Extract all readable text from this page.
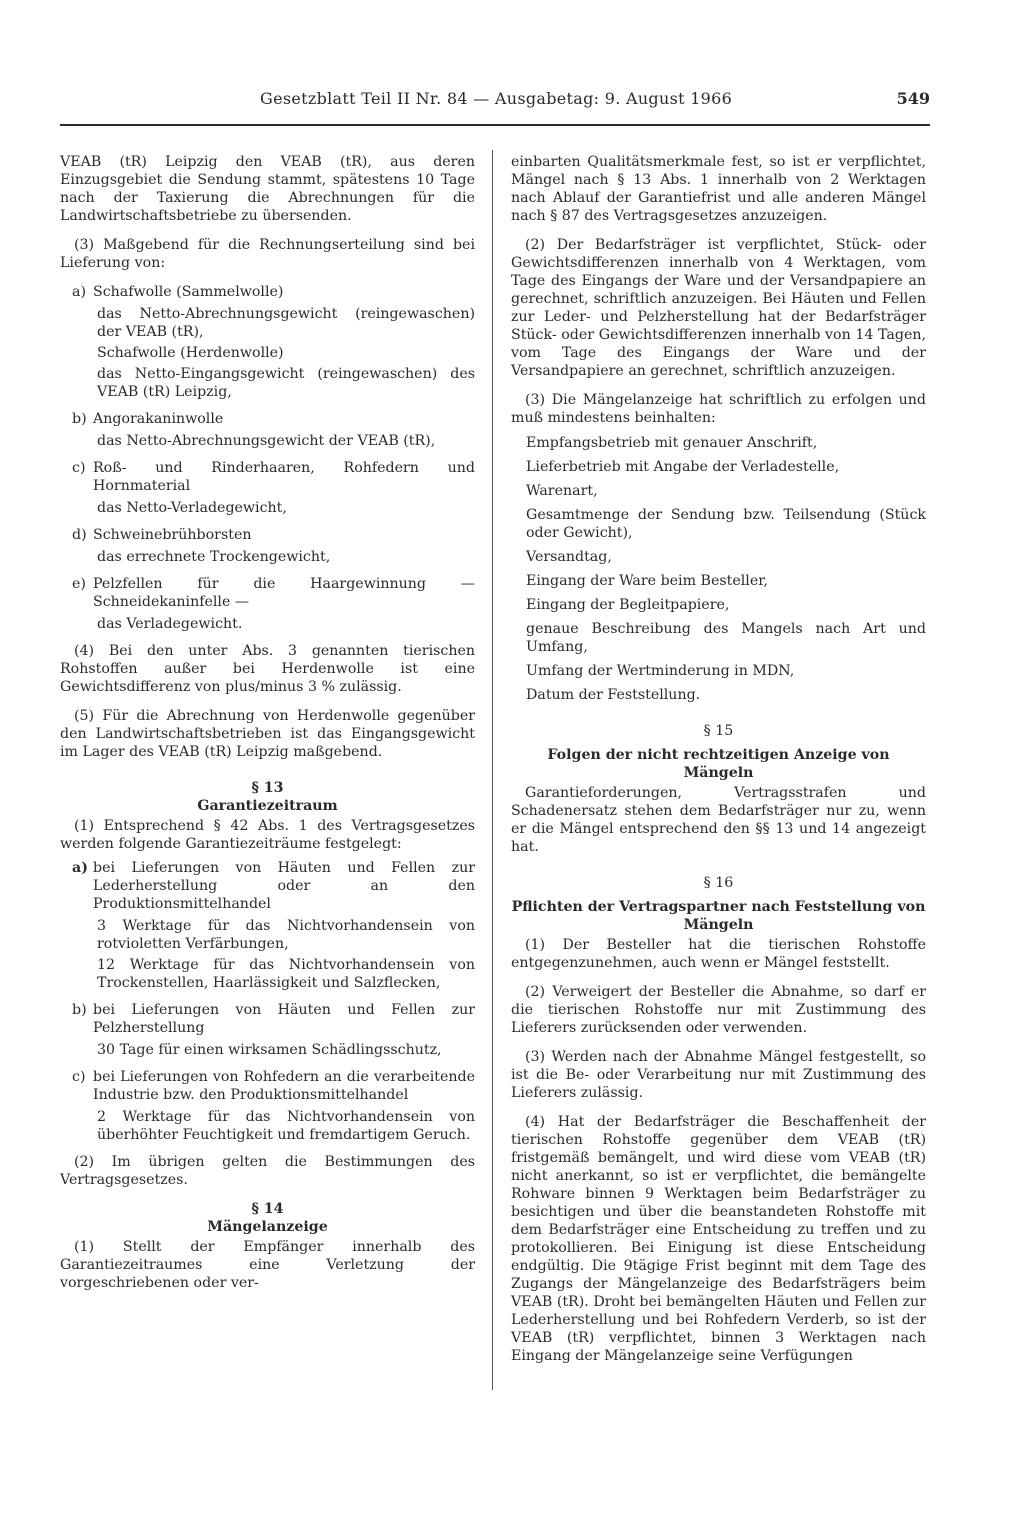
Gesetzblatt Teil II Nr. 84 — Ausgabetag: 9. August 1966	549

VEAB (tR) Leipzig den VEAB (tR), aus deren Einzugsgebiet die Sendung stammt, spätestens 10 Tage nach der Taxierung die Abrechnungen für die Landwirtschaftsbetriebe zu übersenden.

(3) Maßgebend für die Rechnungserteilung sind bei Lieferung von:

a) Schafwolle (Sammelwolle)

das Netto-Abrechnungsgewicht (reingewaschen) der VEAB (tR),

Schafwolle (Herdenwolle)

das Netto-Eingangsgewicht (reingewaschen) des VEAB (tR) Leipzig,

b) Angorakaninwolle

das Netto-Abrechnungsgewicht der VEAB (tR),

c) Roß- und Rinderhaaren, Rohfedern und Hornmaterial

das Netto-Verladegewicht,

d) Schweinebrühborsten

das errechnete Trockengewicht,

e) Pelzfellen für die Haargewinnung — Schneidekaninfelle —

das Verladegewicht.

(4) Bei den unter Abs. 3 genannten tierischen Rohstoffen außer bei Herdenwolle ist eine Gewichtsdifferenz von plus/minus 3 % zulässig.

(5) Für die Abrechnung von Herdenwolle gegenüber den Landwirtschaftsbetrieben ist das Eingangsgewicht im Lager des VEAB (tR) Leipzig maßgebend.

§ 13

Garantiezeitraum

(1) Entsprechend § 42 Abs. 1 des Vertragsgesetzes werden folgende Garantiezeiträume festgelegt:

a) bei Lieferungen von Häuten und Fellen zur Lederherstellung oder an den Produktionsmittelhandel

3 Werktage für das Nichtvorhandensein von rotvioletten Verfärbungen,

12 Werktage für das Nichtvorhandensein von Trockenstellen, Haarlässigkeit und Salzflecken,

b) bei Lieferungen von Häuten und Fellen zur Pelzherstellung

30 Tage für einen wirksamen Schädlingsschutz,

c) bei Lieferungen von Rohfedern an die verarbeitende Industrie bzw. den Produktionsmittelhandel

2 Werktage für das Nichtvorhandensein von überhöhter Feuchtigkeit und fremdartigem Geruch.

(2) Im übrigen gelten die Bestimmungen des Vertragsgesetzes.

§ 14

Mängelanzeige

(1) Stellt der Empfänger innerhalb des Garantiezeitraumes eine Verletzung der vorgeschriebenen oder ver-

einbarten Qualitätsmerkmale fest, so ist er verpflichtet, Mängel nach § 13 Abs. 1 innerhalb von 2 Werktagen nach Ablauf der Garantiefrist und alle anderen Mängel nach § 87 des Vertragsgesetzes anzuzeigen.

(2) Der Bedarfsträger ist verpflichtet, Stück- oder Gewichtsdifferenzen innerhalb von 4 Werktagen, vom Tage des Eingangs der Ware und der Versandpapiere an gerechnet, schriftlich anzuzeigen. Bei Häuten und Fellen zur Leder- und Pelzherstellung hat der Bedarfsträger Stück- oder Gewichtsdifferenzen innerhalb von 14 Tagen, vom Tage des Eingangs der Ware und der Versandpapiere an gerechnet, schriftlich anzuzeigen.

(3) Die Mängelanzeige hat schriftlich zu erfolgen und muß mindestens beinhalten:

Empfangsbetrieb mit genauer Anschrift,

Lieferbetrieb mit Angabe der Verladestelle,

Warenart,

Gesamtmenge der Sendung bzw. Teilsendung (Stück oder Gewicht),

Versandtag,

Eingang der Ware beim Besteller,

Eingang der Begleitpapiere,

genaue Beschreibung des Mangels nach Art und Umfang,

Umfang der Wertminderung in MDN,

Datum der Feststellung.

§ 15

Folgen der nicht rechtzeitigen Anzeige von Mängeln

Garantieforderungen, Vertragsstrafen und Schadenersatz stehen dem Bedarfsträger nur zu, wenn er die Mängel entsprechend den §§ 13 und 14 angezeigt hat.

§ 16

Pflichten der Vertragspartner nach Feststellung von Mängeln

(1) Der Besteller hat die tierischen Rohstoffe entgegenzunehmen, auch wenn er Mängel feststellt.

(2) Verweigert der Besteller die Abnahme, so darf er die tierischen Rohstoffe nur mit Zustimmung des Lieferers zurücksenden oder verwenden.

(3) Werden nach der Abnahme Mängel festgestellt, so ist die Be- oder Verarbeitung nur mit Zustimmung des Lieferers zulässig.

(4) Hat der Bedarfsträger die Beschaffenheit der tierischen Rohstoffe gegenüber dem VEAB (tR) fristgemäß bemängelt, und wird diese vom VEAB (tR) nicht anerkannt, so ist er verpflichtet, die bemängelte Rohware binnen 9 Werktagen beim Bedarfsträger zu besichtigen und über die beanstandeten Rohstoffe mit dem Bedarfsträger eine Entscheidung zu treffen und zu protokollieren. Bei Einigung ist diese Entscheidung endgültig. Die 9tägige Frist beginnt mit dem Tage des Zugangs der Mängelanzeige des Bedarfsträgers beim VEAB (tR). Droht bei bemängelten Häuten und Fellen zur Lederherstellung und bei Rohfedern Verderb, so ist der VEAB (tR) verpflichtet, binnen 3 Werktagen nach Eingang der Mängelanzeige seine Verfügungen
